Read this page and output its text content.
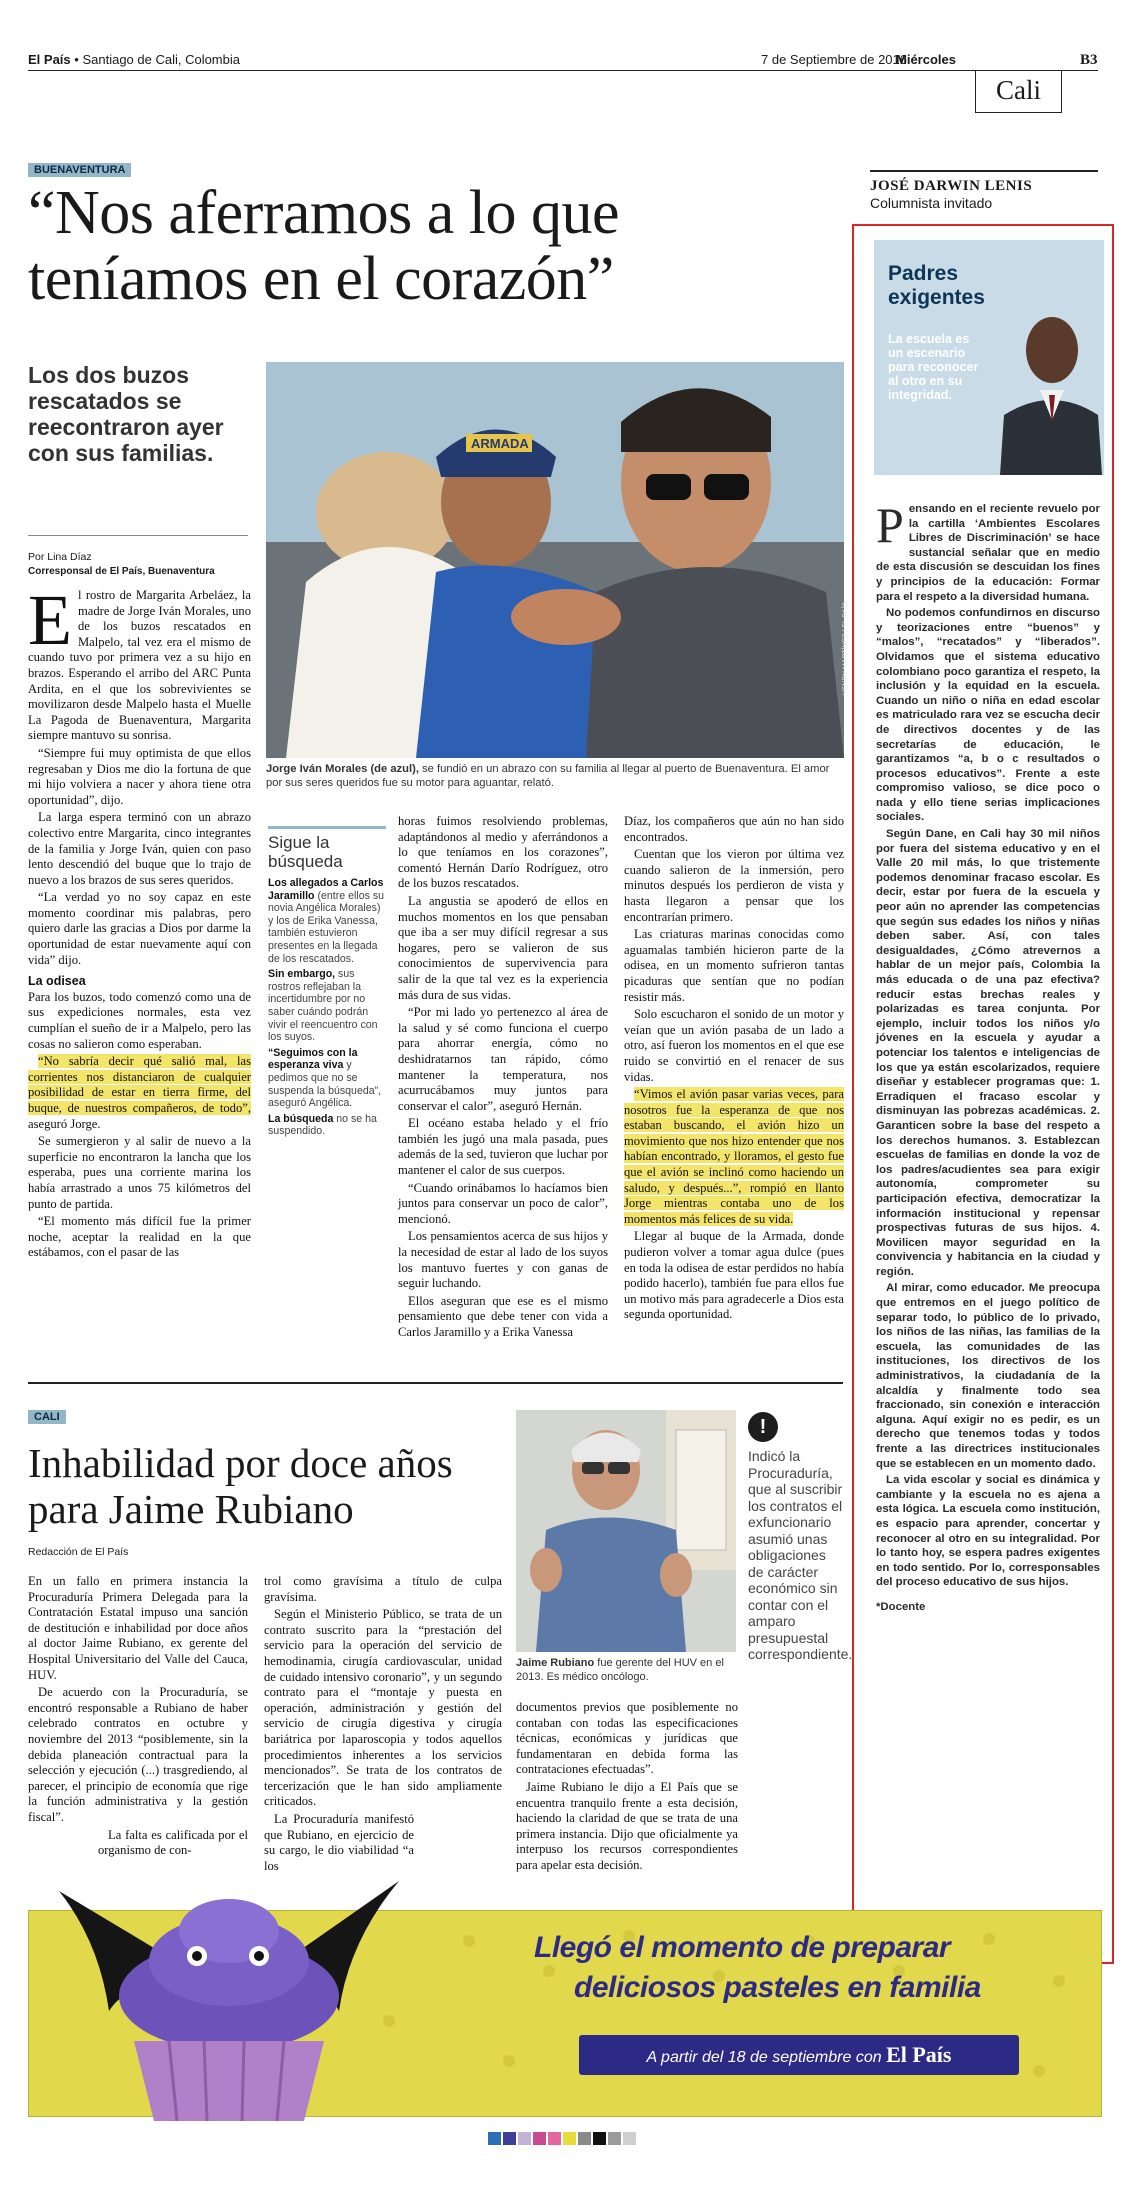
El País • Santiago de Cali, Colombia	7 de Septiembre de 2016
Miércoles	B3
Cali
BUENAVENTURA
“Nos aferramos a lo que teníamos en el corazón”
Los dos buzos rescatados se reecontraron ayer con sus familias.
Por Lina Díaz
Corresponsal de El País, Buenaventura
ARMADA
HENRY MARTÍNEZ / EL PAÍS
Jorge Iván Morales (de azul), se fundió en un abrazo con su familia al llegar al puerto de Buenaventura. El amor por sus seres queridos fue su motor para aguantar, relató.
E l rostro de Margarita Arbeláez, la madre de Jorge Iván Morales, uno de los buzos rescatados en Malpelo, tal vez era el mismo de cuando tuvo por primera vez a su hijo en brazos. Esperando el arribo del ARC Punta Ardita, en el que los sobrevivientes se movilizaron desde Malpelo hasta el Muelle La Pagoda de Buenaventura, Margarita siempre mantuvo su sonrisa.

“Siempre fui muy optimista de que ellos regresaban y Dios me dio la fortuna de que mi hijo volviera a nacer y ahora tiene otra oportunidad”, dijo.

La larga espera terminó con un abrazo colectivo entre Margarita, cinco integrantes de la familia y Jorge Iván, quien con paso lento descendió del buque que lo trajo de nuevo a los brazos de sus seres queridos.

“La verdad yo no soy capaz en este momento coordinar mis palabras, pero quiero darle las gracias a Dios por darme la oportunidad de estar nuevamente aquí con vida” dijo.

La odisea

Para los buzos, todo comenzó como una de sus expediciones normales, esta vez cumplían el sueño de ir a Malpelo, pero las cosas no salieron como esperaban.

“No sabría decir qué salió mal, las corrientes nos distanciaron de cualquier posibilidad de estar en tierra firme, del buque, de nuestros compañeros, de todo”, aseguró Jorge.

Se sumergieron y al salir de nuevo a la superficie no encontraron la lancha que los esperaba, pues una corriente marina los había arrastrado a unos 75 kilómetros del punto de partida.

“El momento más difícil fue la primer noche, aceptar la realidad en la que estábamos, con el pasar de las

Sigue la búsqueda
Los allegados a Carlos Jaramillo (entre ellos su novia Angélica Morales) y los de Erika Vanessa, también estuvieron presentes en la llegada de los rescatados.
Sin embargo, sus rostros reflejaban la incertidumbre por no saber cuándo podrán vivir el reencuentro con los suyos.
“Seguimos con la esperanza viva y pedimos que no se suspenda la búsqueda”, aseguró Angélica.
La búsqueda no se ha suspendido.

horas fuimos resolviendo problemas, adaptándonos al medio y aferrándonos a lo que teníamos en los corazones”, comentó Hernán Darío Rodríguez, otro de los buzos rescatados.

La angustia se apoderó de ellos en muchos momentos en los que pensaban que iba a ser muy difícil regresar a sus hogares, pero se valieron de sus conocimientos de supervivencia para salir de la que tal vez es la experiencia más dura de sus vidas.

“Por mi lado yo pertenezco al área de la salud y sé como funciona el cuerpo para ahorrar energía, cómo no deshidratarnos tan rápido, cómo mantener la temperatura, nos acurrucábamos muy juntos para conservar el calor”, aseguró Hernán.

El océano estaba helado y el frío también les jugó una mala pasada, pues además de la sed, tuvieron que luchar por mantener el calor de sus cuerpos.

“Cuando orinábamos lo hacíamos bien juntos para conservar un poco de calor”, mencionó.

Los pensamientos acerca de sus hijos y la necesidad de estar al lado de los suyos los mantuvo fuertes y con ganas de seguir luchando.

Ellos aseguran que ese es el mismo pensamiento que debe tener con vida a Carlos Jaramillo y a Erika Vanessa

Díaz, los compañeros que aún no han sido encontrados.

Cuentan que los vieron por última vez cuando salieron de la inmersión, pero minutos después los perdieron de vista y hasta llegaron a pensar que los encontrarían primero.

Las criaturas marinas conocidas como aguamalas también hicieron parte de la odisea, en un momento sufrieron tantas picaduras que sentían que no podían resistir más.

Solo escucharon el sonido de un motor y veían que un avión pasaba de un lado a otro, así fueron los momentos en el que ese ruido se convirtió en el renacer de sus vidas.

“Vimos el avión pasar varias veces, para nosotros fue la esperanza de que nos estaban buscando, el avión hizo un movimiento que nos hizo entender que nos habían encontrado, y lloramos, el gesto fue que el avión se inclinó como haciendo un saludo, y después...”, rompió en llanto Jorge mientras contaba uno de los momentos más felices de su vida.

Llegar al buque de la Armada, donde pudieron volver a tomar agua dulce (pues en toda la odisea de estar perdidos no había podido hacerlo), también fue para ellos fue un motivo más para agradecerle a Dios esta segunda oportunidad.

JOSÉ DARWIN LENIS
Columnista invitado
Padres exigentes
La escuela es un escenario para reconocer al otro en su integridad.
P ensando en el reciente revuelo por la cartilla ‘Ambientes Escolares Libres de Discriminación’ se hace sustancial señalar que en medio de esta discusión se descuidan los fines y principios de la educación: Formar para el respeto a la diversidad humana.

No podemos confundirnos en discurso y teorizaciones entre “buenos” y “malos”, “recatados” y “liberados”. Olvidamos que el sistema educativo colombiano poco garantiza el respeto, la inclusión y la equidad en la escuela. Cuando un niño o niña en edad escolar es matriculado rara vez se escucha decir de directivos docentes y de las secretarías de educación, le garantizamos “a, b o c resultados o procesos educativos”. Frente a este compromiso valioso, se dice poco o nada y ello tiene serias implicaciones sociales.

Según Dane, en Cali hay 30 mil niños por fuera del sistema educativo y en el Valle 20 mil más, lo que tristemente podemos denominar fracaso escolar. Es decir, estar por fuera de la escuela y peor aún no aprender las competencias que según sus edades los niños y niñas deben saber. Así, con tales desigualdades, ¿Cómo atrevernos a hablar de un mejor país, Colombia la más educada o de una paz efectiva? reducir estas brechas reales y polarizadas es tarea conjunta. Por ejemplo, incluir todos los niños y/o jóvenes en la escuela y ayudar a potenciar los talentos e inteligencias de los que ya están escolarizados, requiere diseñar y establecer programas que: 1. Erradiquen el fracaso escolar y disminuyan las pobrezas académicas. 2. Garanticen sobre la base del respeto a los derechos humanos. 3. Establezcan escuelas de familias en donde la voz de los padres/acudientes sea para exigir autonomía, comprometer su participación efectiva, democratizar la información institucional y repensar prospectivas futuras de sus hijos. 4. Movilicen mayor seguridad en la convivencia y habitancia en la ciudad y región.

Al mirar, como educador. Me preocupa que entremos en el juego político de separar todo, lo público de lo privado, los niños de las niñas, las familias de la escuela, las comunidades de las instituciones, los directivos de los administrativos, la ciudadanía de la alcaldía y finalmente todo sea fraccionado, sin conexión e interacción alguna. Aquí exigir no es pedir, es un derecho que tenemos todas y todos frente a las directrices institucionales que se establecen en un momento dado.

La vida escolar y social es dinámica y cambiante y la escuela no es ajena a esta lógica. La escuela como institución, es espacio para aprender, concertar y reconocer al otro en su integralidad. Por lo tanto hoy, se espera padres exigentes en todo sentido. Por lo, corresponsables del proceso educativo de sus hijos.

*Docente

CALI
Inhabilidad por doce años para Jaime Rubiano
Redacción de El País

En un fallo en primera instancia la Procuraduría Primera Delegada para la Contratación Estatal impuso una sanción de destitución e inhabilidad por doce años al doctor Jaime Rubiano, ex gerente del Hospital Universitario del Valle del Cauca, HUV.

De acuerdo con la Procuraduría, se encontró responsable a Rubiano de haber celebrado contratos en octubre y noviembre del 2013 “posiblemente, sin la debida planeación contractual para la selección y ejecución (...) trasgrediendo, al parecer, el principio de economía que rige la función administrativa y la gestión fiscal”.

La falta es calificada por el organismo de con-

trol como gravísima a título de culpa gravísima.

Según el Ministerio Público, se trata de un contrato suscrito para la “prestación del servicio para la operación del servicio de hemodinamia, cirugía cardiovascular, unidad de cuidado intensivo coronario”, y un segundo contrato para el “montaje y puesta en operación, administración y gestión del servicio de cirugía digestiva y cirugía bariátrica por laparoscopia y todos aquellos procedimientos inherentes a los servicios mencionados”. Se trata de los contratos de tercerización que le han sido ampliamente criticados.

La Procuraduría manifestó que Rubiano, en ejercicio de su cargo, le dio viabilidad “a los

Jaime Rubiano fue gerente del HUV en el 2013. Es médico oncólogo.
!
Indicó la Procuraduría, que al suscribir los contratos el exfuncionario asumió unas obligaciones de carácter económico sin contar con el amparo presupuestal correspondiente.

documentos previos que posiblemente no contaban con todas las especificaciones técnicas, económicas y jurídicas que fundamentaran en debida forma las contrataciones efectuadas”.

Jaime Rubiano le dijo a El País que se encuentra tranquilo frente a esta decisión, haciendo la claridad de que se trata de una primera instancia. Dijo que oficialmente ya interpuso los recursos correspondientes para apelar esta decisión.

Llegó el momento de preparar
deliciosos pasteles en familia
A partir del 18 de septiembre con El País
